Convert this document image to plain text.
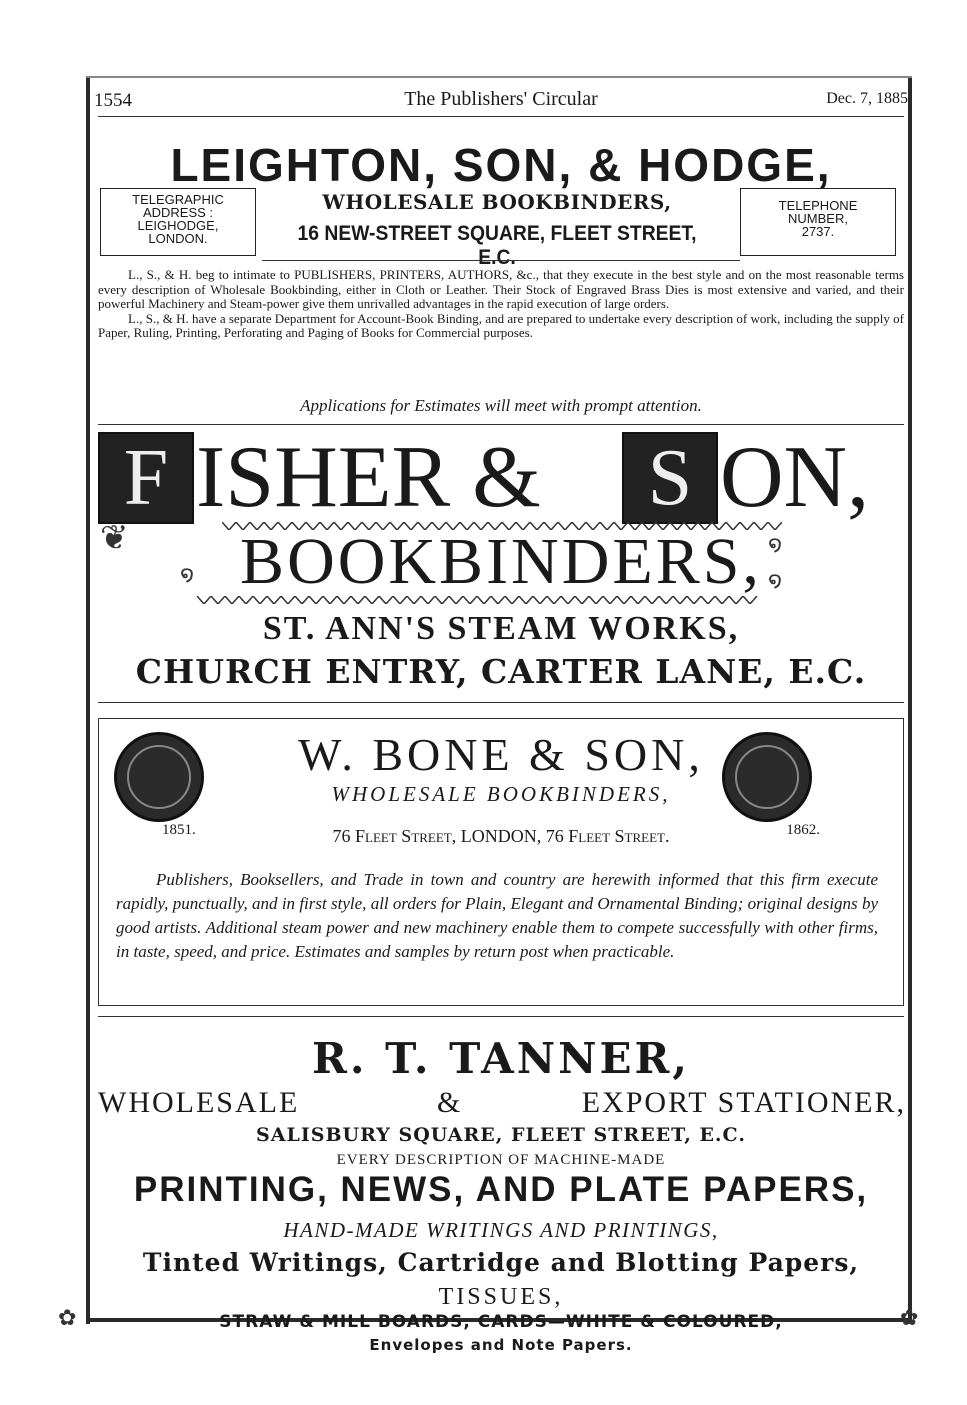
1554	The Publishers' Circular	Dec. 7, 1885
LEIGHTON, SON, & HODGE,
TELEGRAPHIC
ADDRESS :
LEIGHODGE,
LONDON.
TELEPHONE
NUMBER,
2737.
WHOLESALE BOOKBINDERS,
16 NEW-STREET SQUARE, FLEET STREET, E.C.

L., S., & H. beg to intimate to PUBLISHERS, PRINTERS, AUTHORS, &c., that they execute in the best style and on the most reasonable terms every description of Wholesale Bookbinding, either in Cloth or Leather. Their Stock of Engraved Brass Dies is most extensive and varied, and their powerful Machinery and Steam-power give them unrivalled advantages in the rapid execution of large orders.

L., S., & H. have a separate Department for Account-Book Binding, and are prepared to undertake every description of work, including the supply of Paper, Ruling, Printing, Perforating and Paging of Books for Commercial purposes.

Applications for Estimates will meet with prompt attention.
F ISHER & S ON,
❦
໑
໑
໑
BOOKBINDERS,
ST. ANN'S STEAM WORKS,
CHURCH ENTRY, CARTER LANE, E.C.
W. BONE & SON,
WHOLESALE BOOKBINDERS,
1851.	76 Fleet Street, LONDON, 76 Fleet Street.	1862.

Publishers, Booksellers, and Trade in town and country are herewith informed that this firm execute rapidly, punctually, and in first style, all orders for Plain, Elegant and Ornamental Binding; original designs by good artists. Additional steam power and new machinery enable them to compete successfully with other firms, in taste, speed, and price. Estimates and samples by return post when practicable.

R. T. TANNER,
WHOLESALE	&	EXPORT STATIONER,
SALISBURY SQUARE, FLEET STREET, E.C.
EVERY DESCRIPTION OF MACHINE-MADE
PRINTING, NEWS, AND PLATE PAPERS,
HAND-MADE WRITINGS AND PRINTINGS,
Tinted Writings, Cartridge and Blotting Papers,
TISSUES,
STRAW & MILL BOARDS, CARDS—WHITE & COLOURED,
Envelopes and Note Papers.
✿	✿
